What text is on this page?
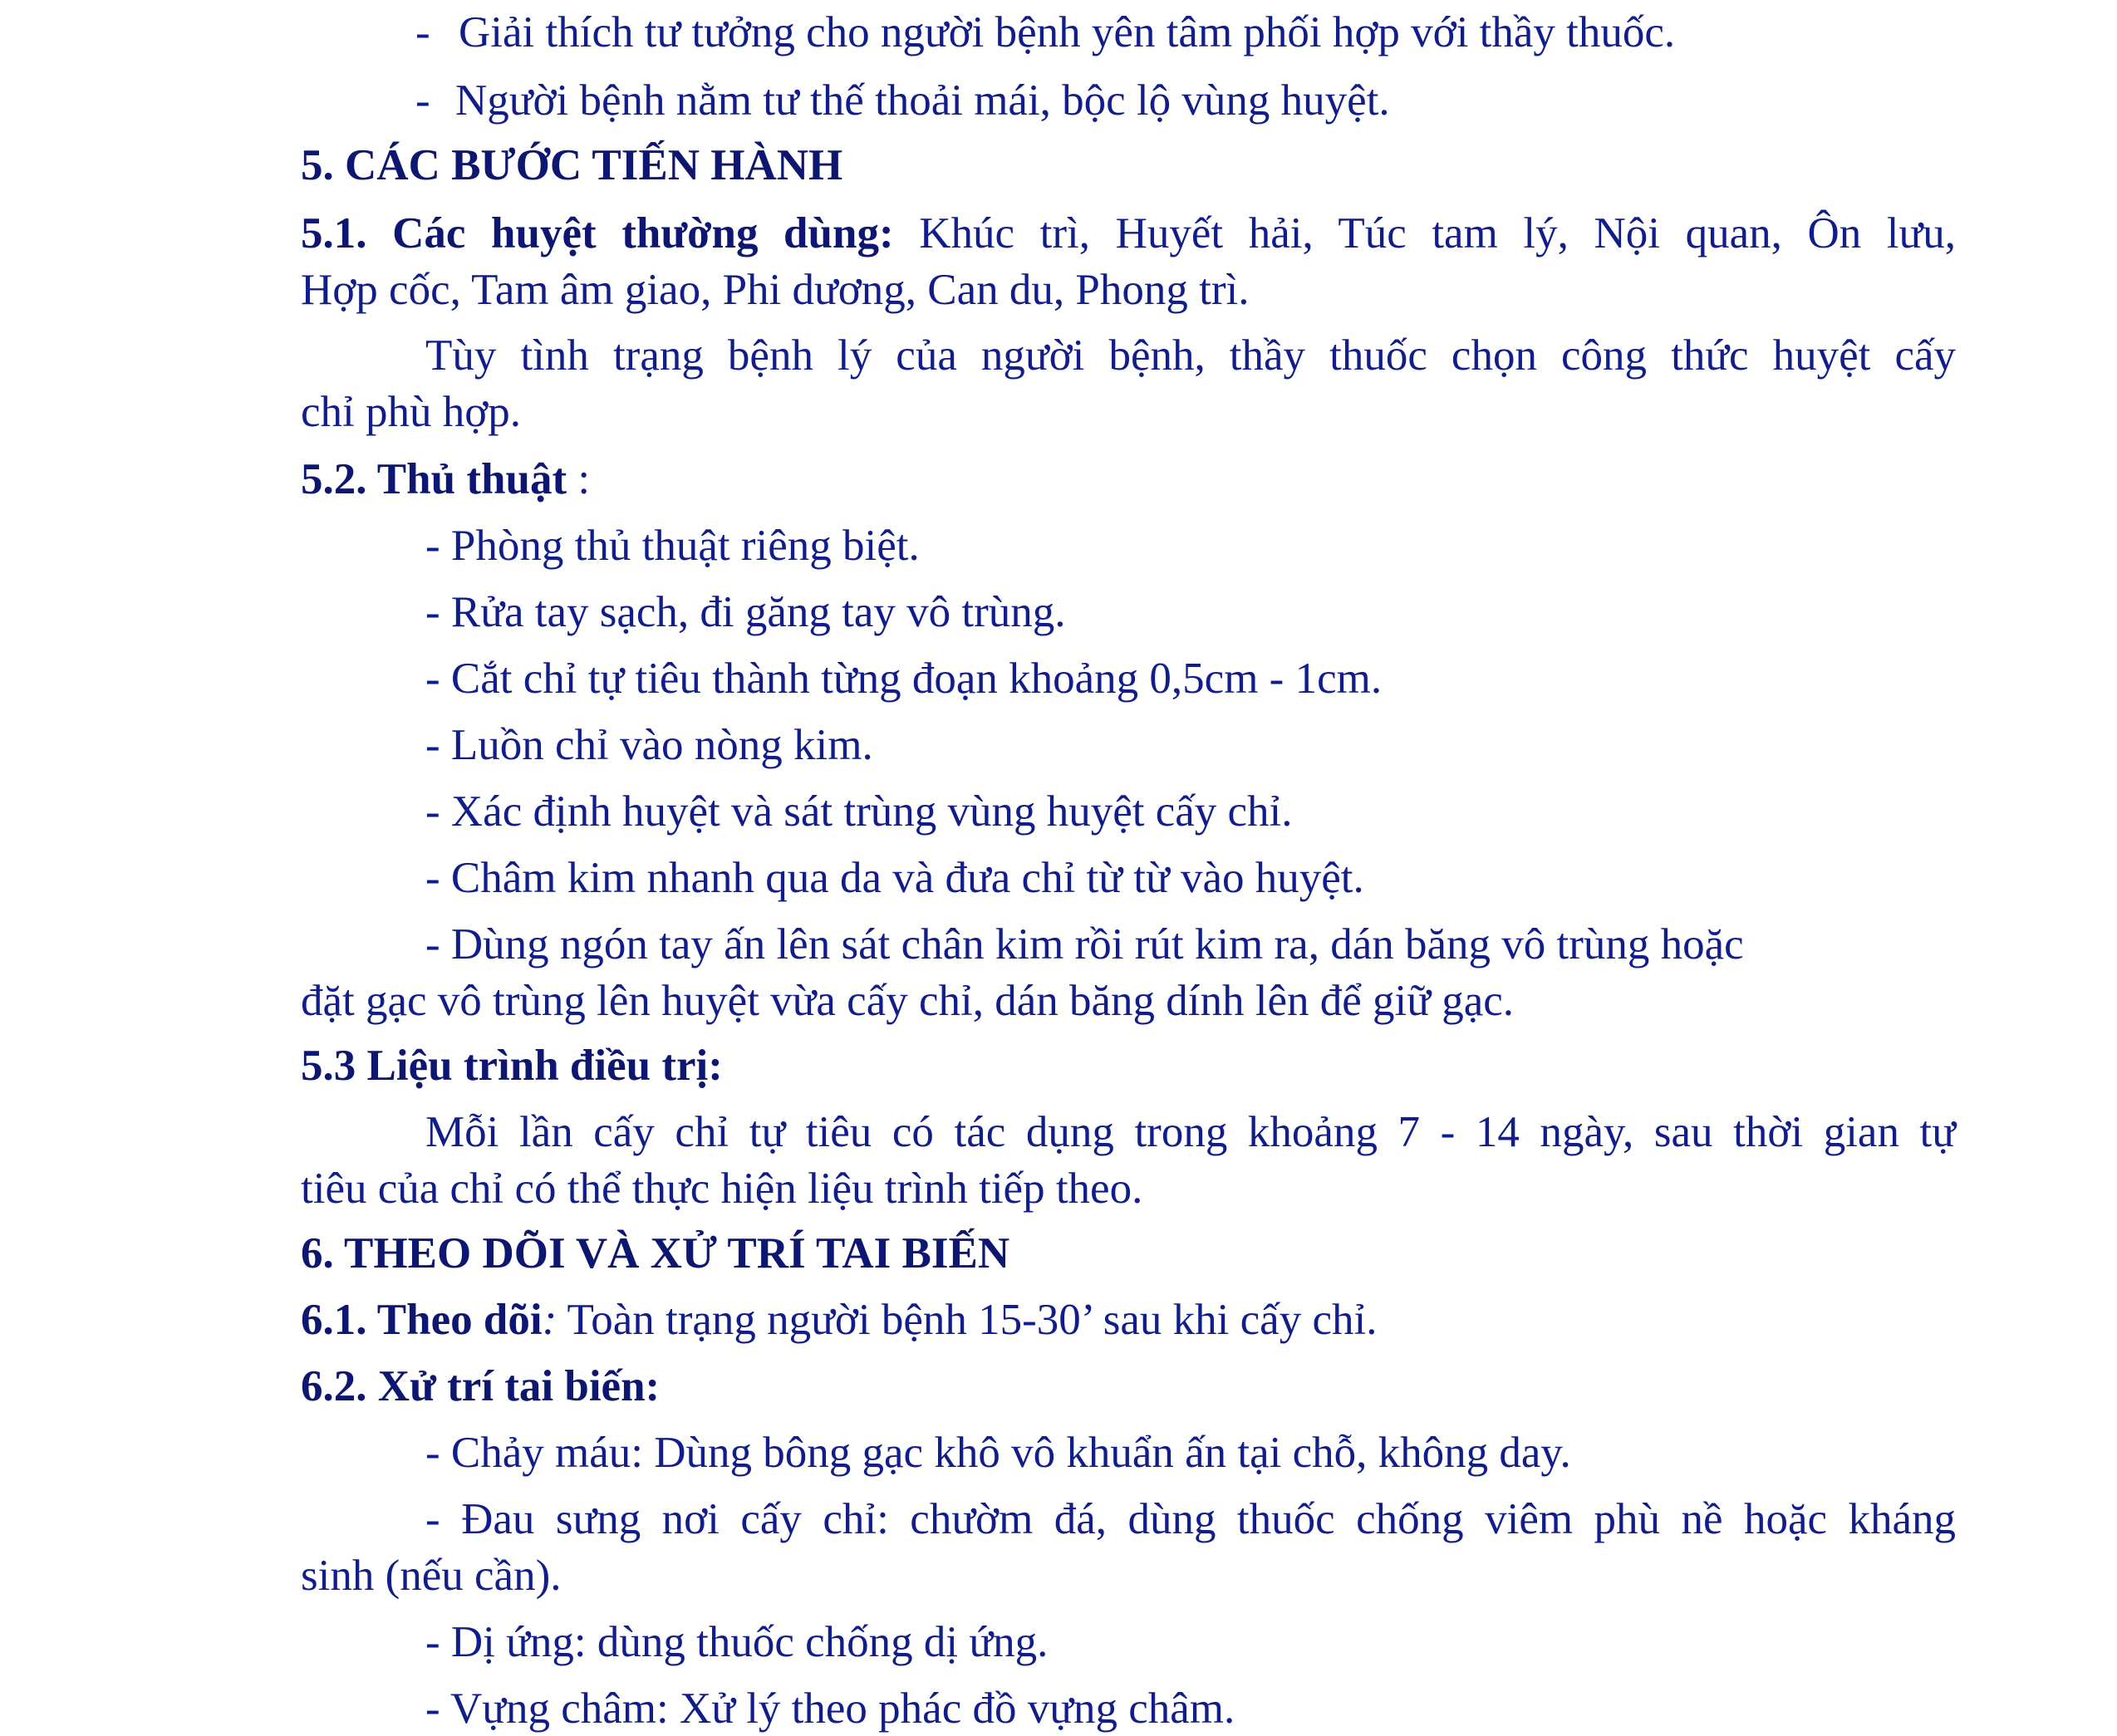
- Giải thích tư tưởng cho người bệnh yên tâm phối hợp với thầy thuốc.
- Người bệnh nằm tư thế thoải mái, bộc lộ vùng huyệt.
5. CÁC BƯỚC TIẾN HÀNH
5.1. Các huyệt thường dùng: Khúc trì, Huyết hải, Túc tam lý, Nội quan, Ôn lưu,
Hợp cốc, Tam âm giao, Phi dương, Can du, Phong trì.
Tùy tình trạng bệnh lý của người bệnh, thầy thuốc chọn công thức huyệt cấy
chỉ phù hợp.
5.2. Thủ thuật :
- Phòng thủ thuật riêng biệt.
- Rửa tay sạch, đi găng tay vô trùng.
- Cắt chỉ tự tiêu thành từng đoạn khoảng 0,5cm - 1cm.
- Luồn chỉ vào nòng kim.
- Xác định huyệt và sát trùng vùng huyệt cấy chỉ.
- Châm kim nhanh qua da và đưa chỉ từ từ vào huyệt.
- Dùng ngón tay ấn lên sát chân kim rồi rút kim ra, dán băng vô trùng hoặc
đặt gạc vô trùng lên huyệt vừa cấy chỉ, dán băng dính lên để giữ gạc.
5.3 Liệu trình điều trị:
Mỗi lần cấy chỉ tự tiêu có tác dụng trong khoảng 7 - 14 ngày, sau thời gian tự
tiêu của chỉ có thể thực hiện liệu trình tiếp theo.
6. THEO DÕI VÀ XỬ TRÍ TAI BIẾN
6.1. Theo dõi: Toàn trạng người bệnh 15-30’ sau khi cấy chỉ.
6.2. Xử trí tai biến:
- Chảy máu: Dùng bông gạc khô vô khuẩn ấn tại chỗ, không day.
- Đau sưng nơi cấy chỉ: chườm đá, dùng thuốc chống viêm phù nề hoặc kháng
sinh (nếu cần).
- Dị ứng: dùng thuốc chống dị ứng.
- Vựng châm: Xử lý theo phác đồ vựng châm.
